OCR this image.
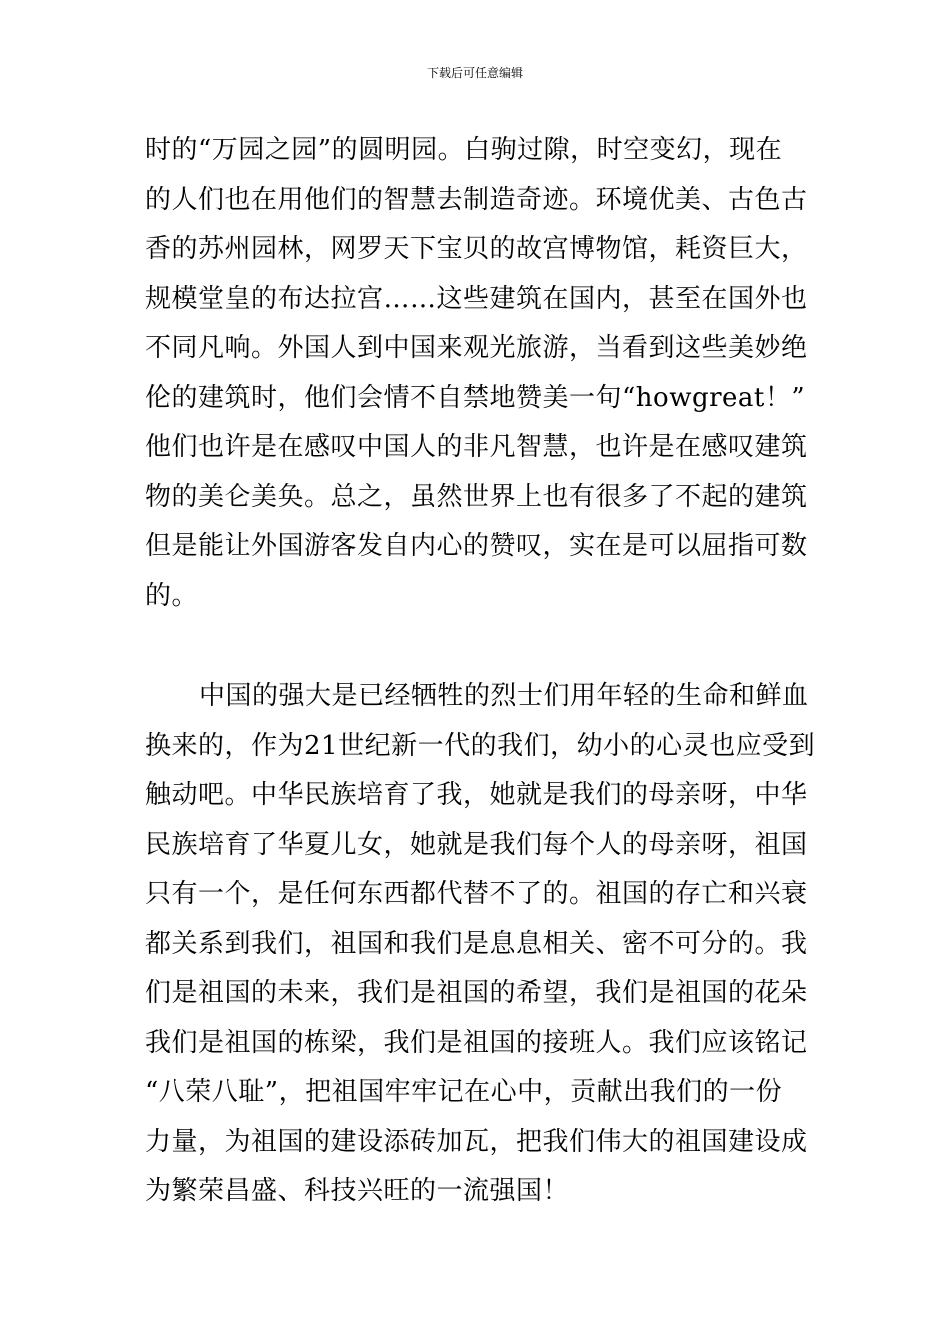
下载后可任意编辑
时的“万园之园”的圆明园。白驹过隙，时空变幻，现在
的人们也在用他们的智慧去制造奇迹。环境优美、古色古
香的苏州园林，网罗天下宝贝的故宫博物馆，耗资巨大，
规模堂皇的布达拉宫……这些建筑在国内，甚至在国外也
不同凡响。外国人到中国来观光旅游，当看到这些美妙绝
伦的建筑时，他们会情不自禁地赞美一句“howgreat！”
他们也许是在感叹中国人的非凡智慧，也许是在感叹建筑
物的美仑美奂。总之，虽然世界上也有很多了不起的建筑
但是能让外国游客发自内心的赞叹，实在是可以屈指可数
的。
中国的强大是已经牺牲的烈士们用年轻的生命和鲜血
换来的，作为21世纪新一代的我们，幼小的心灵也应受到
触动吧。中华民族培育了我，她就是我们的母亲呀，中华
民族培育了华夏儿女，她就是我们每个人的母亲呀，祖国
只有一个，是任何东西都代替不了的。祖国的存亡和兴衰
都关系到我们，祖国和我们是息息相关、密不可分的。我
们是祖国的未来，我们是祖国的希望，我们是祖国的花朵
我们是祖国的栋梁，我们是祖国的接班人。我们应该铭记
“八荣八耻”，把祖国牢牢记在心中，贡献出我们的一份
力量，为祖国的建设添砖加瓦，把我们伟大的祖国建设成
为繁荣昌盛、科技兴旺的一流强国！
